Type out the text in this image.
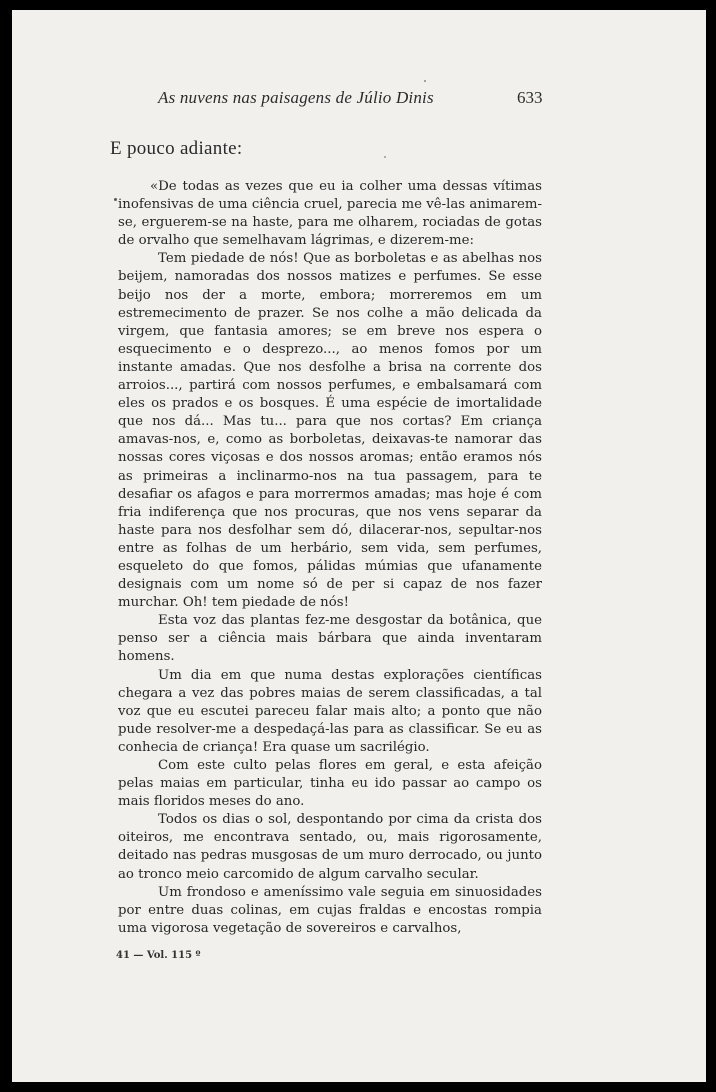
As nuvens nas paisagens de Júlio Dinis	633
E pouco adiante:

«De todas as vezes que eu ia colher uma dessas vítimas inofensivas de uma ciência cruel, parecia me vê-las animarem-se, erguerem-se na haste, para me olharem, rociadas de gotas de orvalho que semelhavam lágrimas, e dizerem-me:

Tem piedade de nós! Que as borboletas e as abelhas nos beijem, namoradas dos nossos matizes e perfumes. Se esse beijo nos der a morte, embora; morreremos em um estremecimento de prazer. Se nos colhe a mão delicada da virgem, que fantasia amores; se em breve nos espera o esquecimento e o desprezo..., ao menos fomos por um instante amadas. Que nos desfolhe a brisa na corrente dos arroios..., partirá com nossos perfumes, e embalsamará com eles os prados e os bosques. É uma espécie de imortalidade que nos dá... Mas tu... para que nos cortas? Em criança amavas-nos, e, como as borboletas, deixavas-te namorar das nossas cores viçosas e dos nossos aromas; então eramos nós as primeiras a inclinarmo-nos na tua passagem, para te desafiar os afagos e para morrermos amadas; mas hoje é com fria indiferença que nos procuras, que nos vens separar da haste para nos desfolhar sem dó, dilacerar-nos, sepultar-nos entre as folhas de um herbário, sem vida, sem perfumes, esqueleto do que fomos, pálidas múmias que ufanamente designais com um nome só de per si capaz de nos fazer murchar. Oh! tem piedade de nós!

Esta voz das plantas fez-me desgostar da botânica, que penso ser a ciência mais bárbara que ainda inventaram homens.

Um dia em que numa destas explorações científicas chegara a vez das pobres maias de serem classificadas, a tal voz que eu escutei pareceu falar mais alto; a ponto que não pude resolver-me a despedaçá-las para as classificar. Se eu as conhecia de criança! Era quase um sacrilégio.

Com este culto pelas flores em geral, e esta afeição pelas maias em particular, tinha eu ido passar ao campo os mais floridos meses do ano.

Todos os dias o sol, despontando por cima da crista dos oiteiros, me encontrava sentado, ou, mais rigorosamente, deitado nas pedras musgosas de um muro derrocado, ou junto ao tronco meio carcomido de algum carvalho secular.

Um frondoso e ameníssimo vale seguia em sinuosidades por entre duas colinas, em cujas fraldas e encostas rompia uma vigorosa vegetação de sovereiros e carvalhos,

41 — Vol. 115 º
